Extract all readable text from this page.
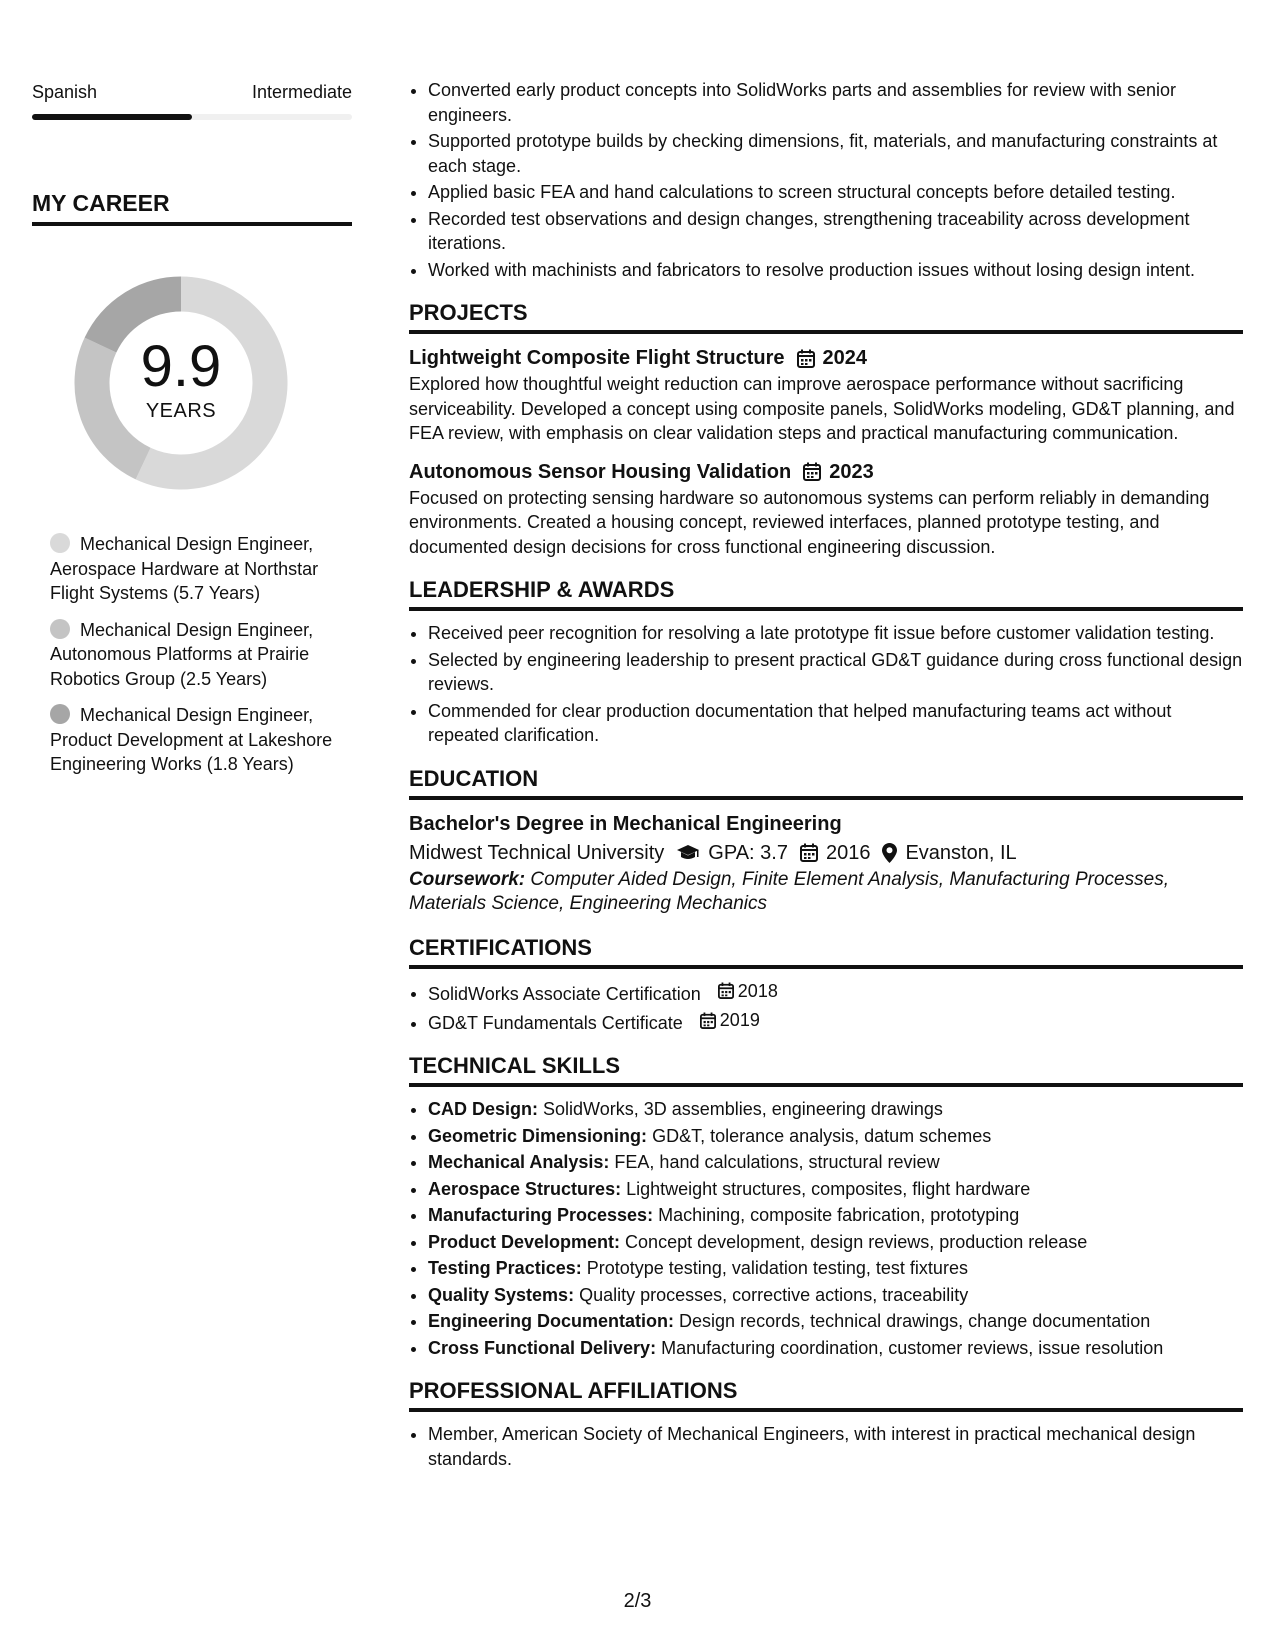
Spanish	Intermediate
MY CAREER
9.9
YEARS
Mechanical Design Engineer, Aerospace Hardware at Northstar Flight Systems (5.7 Years)
Mechanical Design Engineer, Autonomous Platforms at Prairie Robotics Group (2.5 Years)
Mechanical Design Engineer, Product Development at Lakeshore Engineering Works (1.8 Years)
• Converted early product concepts into SolidWorks parts and assemblies for review with senior engineers.
• Supported prototype builds by checking dimensions, fit, materials, and manufacturing constraints at each stage.
• Applied basic FEA and hand calculations to screen structural concepts before detailed testing.
• Recorded test observations and design changes, strengthening traceability across development iterations.
• Worked with machinists and fabricators to resolve production issues without losing design intent.
PROJECTS
Lightweight Composite Flight Structure 2024
Explored how thoughtful weight reduction can improve aerospace performance without sacrificing serviceability. Developed a concept using composite panels, SolidWorks modeling, GD&T planning, and FEA review, with emphasis on clear validation steps and practical manufacturing communication.
Autonomous Sensor Housing Validation 2023
Focused on protecting sensing hardware so autonomous systems can perform reliably in demanding environments. Created a housing concept, reviewed interfaces, planned prototype testing, and documented design decisions for cross functional engineering discussion.
LEADERSHIP & AWARDS
• Received peer recognition for resolving a late prototype fit issue before customer validation testing.
• Selected by engineering leadership to present practical GD&T guidance during cross functional design reviews.
• Commended for clear production documentation that helped manufacturing teams act without repeated clarification.
EDUCATION
Bachelor's Degree in Mechanical Engineering
Midwest Technical University GPA: 3.7 2016 Evanston, IL
Coursework: Computer Aided Design, Finite Element Analysis, Manufacturing Processes, Materials Science, Engineering Mechanics
CERTIFICATIONS
• SolidWorks Associate Certification 2018
• GD&T Fundamentals Certificate 2019
TECHNICAL SKILLS
• CAD Design: SolidWorks, 3D assemblies, engineering drawings
• Geometric Dimensioning: GD&T, tolerance analysis, datum schemes
• Mechanical Analysis: FEA, hand calculations, structural review
• Aerospace Structures: Lightweight structures, composites, flight hardware
• Manufacturing Processes: Machining, composite fabrication, prototyping
• Product Development: Concept development, design reviews, production release
• Testing Practices: Prototype testing, validation testing, test fixtures
• Quality Systems: Quality processes, corrective actions, traceability
• Engineering Documentation: Design records, technical drawings, change documentation
• Cross Functional Delivery: Manufacturing coordination, customer reviews, issue resolution
PROFESSIONAL AFFILIATIONS
• Member, American Society of Mechanical Engineers, with interest in practical mechanical design standards.
2/3
